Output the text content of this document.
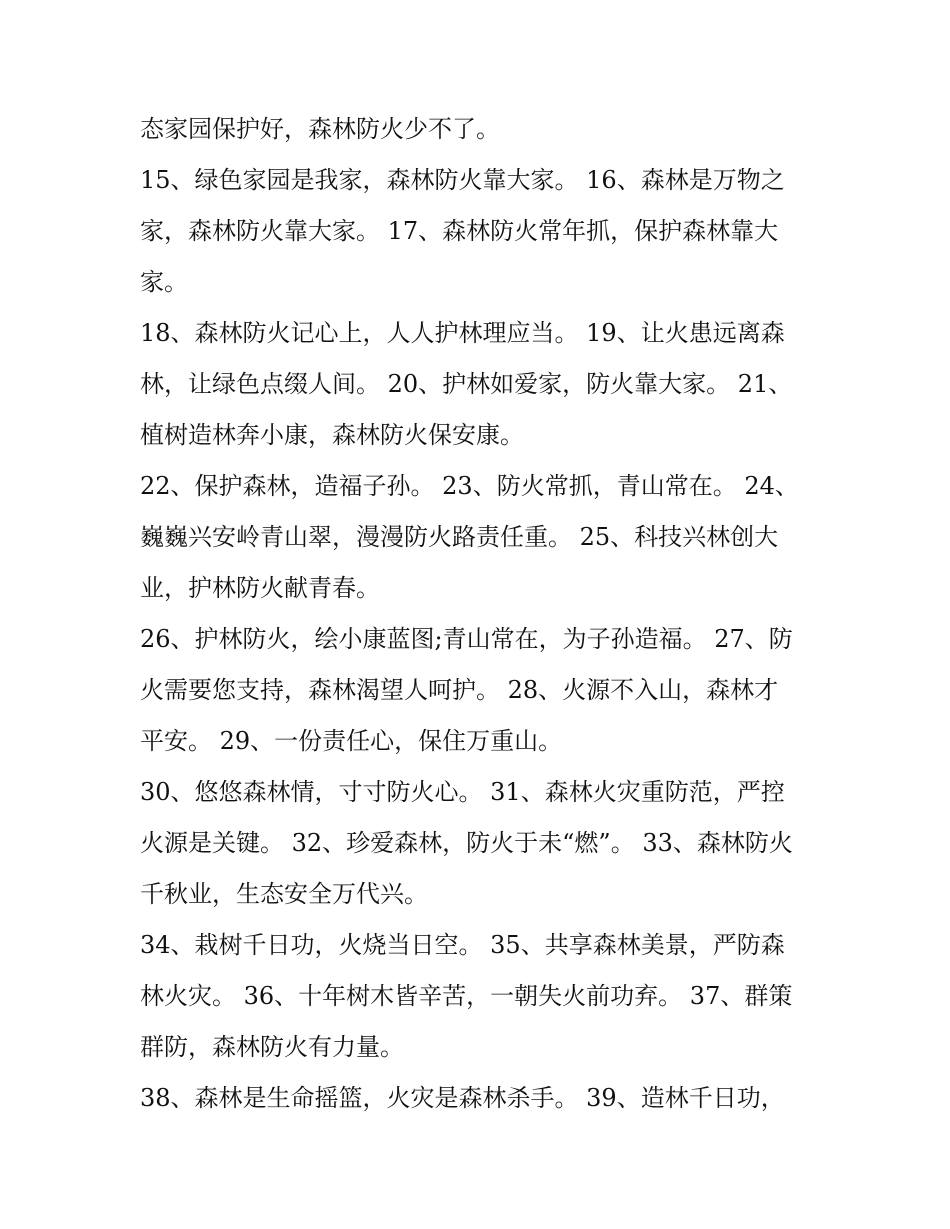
态家园保护好，森林防火少不了。
15、绿色家园是我家，森林防火靠大家。 16、森林是万物之
家，森林防火靠大家。 17、森林防火常年抓，保护森林靠大
家。
18、森林防火记心上，人人护林理应当。 19、让火患远离森
林，让绿色点缀人间。 20、护林如爱家，防火靠大家。 21、
植树造林奔小康，森林防火保安康。
22、保护森林，造福子孙。 23、防火常抓，青山常在。 24、
巍巍兴安岭青山翠，漫漫防火路责任重。 25、科技兴林创大
业，护林防火献青春。
26、护林防火，绘小康蓝图;青山常在，为子孙造福。 27、防
火需要您支持，森林渴望人呵护。 28、火源不入山，森林才
平安。 29、一份责任心，保住万重山。
30、悠悠森林情，寸寸防火心。 31、森林火灾重防范，严控
火源是关键。 32、珍爱森林，防火于未“燃”。 33、森林防火
千秋业，生态安全万代兴。
34、栽树千日功，火烧当日空。 35、共享森林美景，严防森
林火灾。 36、十年树木皆辛苦，一朝失火前功弃。 37、群策
群防，森林防火有力量。
38、森林是生命摇篮，火灾是森林杀手。 39、造林千日功，
